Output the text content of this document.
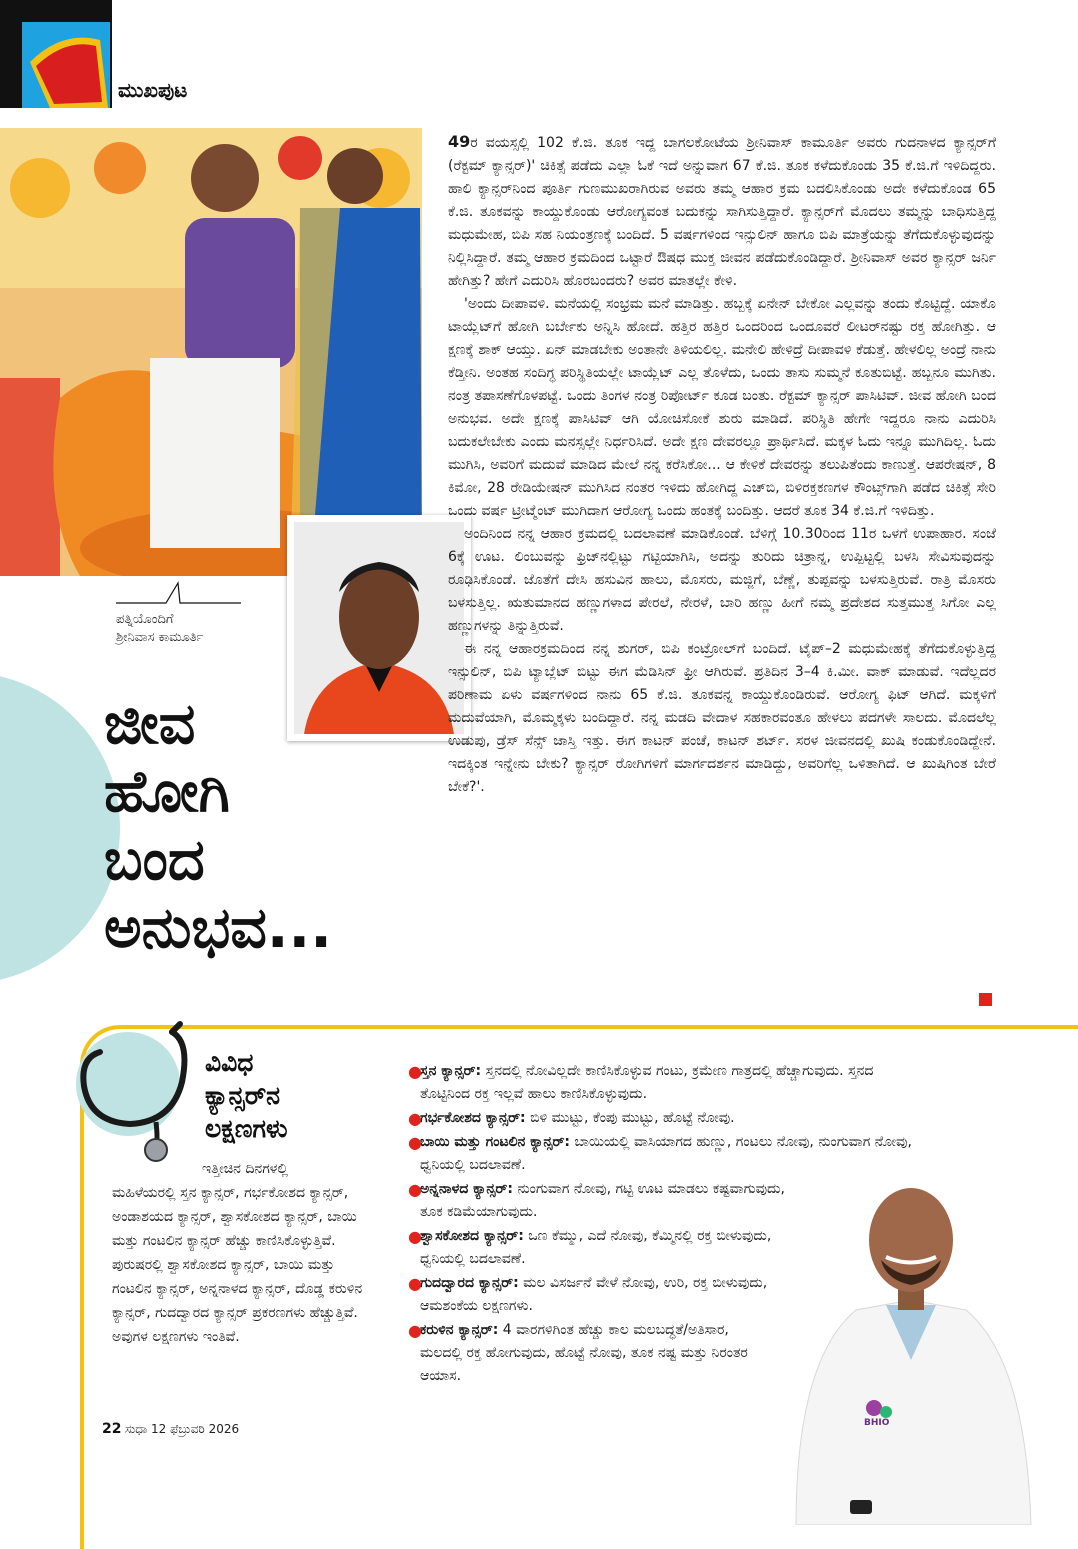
ಮುಖಪುಟ
ಪತ್ನಿಯೊಂದಿಗೆ
ಶ್ರೀನಿವಾಸ ಕಾಮೂರ್ತಿ
ಜೀವ
ಹೋಗಿ
ಬಂದ
ಅನುಭವ...

49ರ ವಯಸ್ಸಲ್ಲಿ 102 ಕೆ.ಜಿ. ತೂಕ ಇದ್ದ ಬಾಗಲಕೋಟೆಯ ಶ್ರೀನಿವಾಸ್ ಕಾಮೂರ್ತಿ ಅವರು ಗುದನಾಳದ ಕ್ಯಾನ್ಸರ್‌ಗೆ (ರೆಕ್ಟಮ್ ಕ್ಯಾನ್ಸರ್)' ಚಿಕಿತ್ಸೆ ಪಡೆದು ಎಲ್ಲಾ ಓಕೆ ಇದೆ ಅನ್ನುವಾಗ 67 ಕೆ.ಜಿ. ತೂಕ ಕಳೆದುಕೊಂಡು 35 ಕೆ.ಜಿ.ಗೆ ಇಳಿದಿದ್ದರು. ಹಾಲಿ ಕ್ಯಾನ್ಸರ್‌ನಿಂದ ಪೂರ್ತಿ ಗುಣಮುಖರಾಗಿರುವ ಅವರು ತಮ್ಮ ಆಹಾರ ಕ್ರಮ ಬದಲಿಸಿಕೊಂಡು ಅದೇ ಕಳೆದುಕೊಂಡ 65 ಕೆ.ಜಿ. ತೂಕವನ್ನು ಕಾಯ್ದುಕೊಂಡು ಆರೋಗ್ಯವಂತ ಬದುಕನ್ನು ಸಾಗಿಸುತ್ತಿದ್ದಾರೆ. ಕ್ಯಾನ್ಸರ್‌ಗೆ ಮೊದಲು ತಮ್ಮನ್ನು ಬಾಧಿಸುತ್ತಿದ್ದ ಮಧುಮೇಹ, ಬಿಪಿ ಸಹ ನಿಯಂತ್ರಣಕ್ಕೆ ಬಂದಿದೆ. 5 ವರ್ಷಗಳಿಂದ ಇನ್ಸುಲಿನ್ ಹಾಗೂ ಬಿಪಿ ಮಾತ್ರೆಯನ್ನು ತೆಗೆದುಕೊಳ್ಳುವುದನ್ನು ನಿಲ್ಲಿಸಿದ್ದಾರೆ. ತಮ್ಮ ಆಹಾರ ಕ್ರಮದಿಂದ ಒಟ್ಟಾರೆ ಔಷಧ ಮುಕ್ತ ಜೀವನ ಪಡೆದುಕೊಂಡಿದ್ದಾರೆ. ಶ್ರೀನಿವಾಸ್ ಅವರ ಕ್ಯಾನ್ಸರ್ ಜರ್ನಿ ಹೇಗಿತ್ತು? ಹೇಗೆ ಎದುರಿಸಿ ಹೊರಬಂದರು? ಅವರ ಮಾತಲ್ಲೇ ಕೇಳಿ.

'ಅಂದು ದೀಪಾವಳಿ. ಮನೆಯಲ್ಲಿ ಸಂಭ್ರಮ ಮನೆ ಮಾಡಿತ್ತು. ಹಬ್ಬಕ್ಕೆ ಏನೇನ್ ಬೇಕೋ ಎಲ್ಲವನ್ನು ತಂದು ಕೊಟ್ಟಿದ್ದೆ. ಯಾಕೊ ಟಾಯ್ಲೆಟ್‌ಗೆ ಹೋಗಿ ಬರ್ಬೇಕು ಅನ್ನಿಸಿ ಹೋದೆ. ಹತ್ತಿರ ಹತ್ತಿರ ಒಂದರಿಂದ ಒಂದೂವರೆ ಲೀಟರ್‌ನಷ್ಟು ರಕ್ತ ಹೋಗಿತ್ತು. ಆ ಕ್ಷಣಕ್ಕೆ ಶಾಕ್ ಆಯ್ತು. ಏನ್ ಮಾಡಬೇಕು ಅಂತಾನೇ ತಿಳಿಯಲಿಲ್ಲ. ಮನೇಲಿ ಹೇಳಿದ್ರೆ ದೀಪಾವಳಿ ಕೆಡುತ್ತೆ. ಹೇಳಲಿಲ್ಲ ಅಂದ್ರೆ ನಾನು ಕೆಡ್ತೀನಿ. ಅಂತಹ ಸಂದಿಗ್ಧ ಪರಿಸ್ಥಿತಿಯಲ್ಲೇ ಟಾಯ್ಲೆಟ್ ಎಲ್ಲ ತೊಳೆದು, ಒಂದು ತಾಸು ಸುಮ್ಮನೆ ಕೂತುಬಿಟ್ಟೆ. ಹಬ್ಬನೂ ಮುಗಿತು. ನಂತ್ರ ತಪಾಸಣೆಗೊಳಪಟ್ಟೆ. ಒಂದು ತಿಂಗಳ ನಂತ್ರ ರಿಪೋರ್ಟ್ ಕೂಡ ಬಂತು. ರೆಕ್ಟಮ್ ಕ್ಯಾನ್ಸರ್ ಪಾಸಿಟಿವ್. ಜೀವ ಹೋಗಿ ಬಂದ ಅನುಭವ. ಅದೇ ಕ್ಷಣಕ್ಕೆ ಪಾಸಿಟಿವ್ ಆಗಿ ಯೋಚಿಸೋಕೆ ಶುರು ಮಾಡಿದೆ. ಪರಿಸ್ಥಿತಿ ಹೇಗೇ ಇದ್ದರೂ ನಾನು ಎದುರಿಸಿ ಬದುಕಲೇಬೇಕು ಎಂದು ಮನಸ್ಸಲ್ಲೇ ನಿರ್ಧರಿಸಿದೆ. ಅದೇ ಕ್ಷಣ ದೇವರಲ್ಲೂ ಪ್ರಾರ್ಥಿಸಿದೆ. ಮಕ್ಕಳ ಓದು ಇನ್ನೂ ಮುಗಿದಿಲ್ಲ. ಓದು ಮುಗಿಸಿ, ಅವರಿಗೆ ಮದುವೆ ಮಾಡಿದ ಮೇಲೆ ನನ್ನ ಕರೆಸಿಕೋ... ಆ ಕೇಳಿಕೆ ದೇವರನ್ನು ತಲುಪಿತೆಂದು ಕಾಣುತ್ತೆ. ಆಪರೇಷನ್, 8 ಕಿಮೋ, 28 ರೇಡಿಯೇಷನ್ ಮುಗಿಸಿದ ನಂತರ ಇಳಿದು ಹೋಗಿದ್ದ ಎಚ್‌ಬಿ, ಬಿಳಿರಕ್ತಕಣಗಳ ಕೌಂಟ್ಸ್‌ಗಾಗಿ ಪಡೆದ ಚಿಕಿತ್ಸೆ ಸೇರಿ ಒಂದು ವರ್ಷ ಟ್ರೀಟ್ಮೆಂಟ್ ಮುಗಿದಾಗ ಆರೋಗ್ಯ ಒಂದು ಹಂತಕ್ಕೆ ಬಂದಿತ್ತು. ಆದರೆ ತೂಕ 34 ಕೆ.ಜಿ.ಗೆ ಇಳಿದಿತ್ತು.

ಅಂದಿನಿಂದ ನನ್ನ ಆಹಾರ ಕ್ರಮದಲ್ಲಿ ಬದಲಾವಣೆ ಮಾಡಿಕೊಂಡೆ. ಬೆಳಿಗ್ಗೆ 10.30ರಿಂದ 11ರ ಒಳಗೆ ಉಪಾಹಾರ. ಸಂಜೆ 6ಕ್ಕೆ ಊಟ. ಲಿಂಬುವನ್ನು ಫ್ರಿಜ್‌ನಲ್ಲಿಟ್ಟು ಗಟ್ಟಿಯಾಗಿಸಿ, ಅದನ್ನು ತುರಿದು ಚಿತ್ರಾನ್ನ, ಉಪ್ಪಿಟ್ಟಲ್ಲಿ ಬಳಸಿ ಸೇವಿಸುವುದನ್ನು ರೂಢಿಸಿಕೊಂಡೆ. ಜೊತೆಗೆ ದೇಸಿ ಹಸುವಿನ ಹಾಲು, ಮೊಸರು, ಮಜ್ಜಿಗೆ, ಬೆಣ್ಣೆ, ತುಪ್ಪವನ್ನು ಬಳಸುತ್ತಿರುವೆ. ರಾತ್ರಿ ಮೊಸರು ಬಳಸುತ್ತಿಲ್ಲ. ಋತುಮಾನದ ಹಣ್ಣುಗಳಾದ ಪೇರಲೆ, ನೇರಳೆ, ಬಾರಿ ಹಣ್ಣು ಹೀಗೆ ನಮ್ಮ ಪ್ರದೇಶದ ಸುತ್ತಮುತ್ತ ಸಿಗೋ ಎಲ್ಲ ಹಣ್ಣುಗಳನ್ನು ತಿನ್ನುತ್ತಿರುವೆ.

ಈ ನನ್ನ ಆಹಾರಕ್ರಮದಿಂದ ನನ್ನ ಶುಗರ್, ಬಿಪಿ ಕಂಟ್ರೋಲ್‌ಗೆ ಬಂದಿದೆ. ಟೈಪ್–2 ಮಧುಮೇಹಕ್ಕೆ ತೆಗೆದುಕೊಳ್ಳುತ್ತಿದ್ದ ಇನ್ಸುಲಿನ್, ಬಿಪಿ ಟ್ಯಾಬ್ಲೆಟ್ ಬಿಟ್ಟು ಈಗ ಮೆಡಿಸಿನ್ ಫ್ರೀ ಆಗಿರುವೆ. ಪ್ರತಿದಿನ 3–4 ಕಿ.ಮೀ. ವಾಕ್ ಮಾಡುವೆ. ಇದೆಲ್ಲದರ ಪರಿಣಾಮ ಏಳು ವರ್ಷಗಳಿಂದ ನಾನು 65 ಕೆ.ಜಿ. ತೂಕವನ್ನ ಕಾಯ್ದುಕೊಂಡಿರುವೆ. ಆರೋಗ್ಯ ಫಿಟ್ ಆಗಿದೆ. ಮಕ್ಕಳಿಗೆ ಮದುವೆಯಾಗಿ, ಮೊಮ್ಮಕ್ಕಳು ಬಂದಿದ್ದಾರೆ. ನನ್ನ ಮಡದಿ ವೇದಾಳ ಸಹಕಾರವಂತೂ ಹೇಳಲು ಪದಗಳೇ ಸಾಲದು. ಮೊದಲೆಲ್ಲ ಉಡುಪು, ಡ್ರೆಸ್ ಸೆನ್ಸ್ ಜಾಸ್ತಿ ಇತ್ತು. ಈಗ ಕಾಟನ್ ಪಂಚೆ, ಕಾಟನ್ ಶರ್ಟ್. ಸರಳ ಜೀವನದಲ್ಲಿ ಖುಷಿ ಕಂಡುಕೊಂಡಿದ್ದೇನೆ. ಇದಕ್ಕಿಂತ ಇನ್ನೇನು ಬೇಕು? ಕ್ಯಾನ್ಸರ್ ರೋಗಿಗಳಿಗೆ ಮಾರ್ಗದರ್ಶನ ಮಾಡಿದ್ದು, ಅವರಿಗೆಲ್ಲ ಒಳಿತಾಗಿದೆ. ಆ ಖುಷಿಗಿಂತ ಬೇರೆ ಬೇಕೆ?'.

ವಿವಿಧ
ಕ್ಯಾನ್ಸರ್‌ನ
ಲಕ್ಷಣಗಳು
ಇತ್ತೀಚಿನ ದಿನಗಳಲ್ಲಿ
ಮಹಿಳೆಯರಲ್ಲಿ ಸ್ತನ ಕ್ಯಾನ್ಸರ್, ಗರ್ಭಕೋಶದ ಕ್ಯಾನ್ಸರ್, ಅಂಡಾಶಯದ ಕ್ಯಾನ್ಸರ್, ಶ್ವಾಸಕೋಶದ ಕ್ಯಾನ್ಸರ್, ಬಾಯಿ ಮತ್ತು ಗಂಟಲಿನ ಕ್ಯಾನ್ಸರ್ ಹೆಚ್ಚು ಕಾಣಿಸಿಕೊಳ್ಳುತ್ತಿವೆ. ಪುರುಷರಲ್ಲಿ ಶ್ವಾಸಕೋಶದ ಕ್ಯಾನ್ಸರ್, ಬಾಯಿ ಮತ್ತು ಗಂಟಲಿನ ಕ್ಯಾನ್ಸರ್, ಅನ್ನನಾಳದ ಕ್ಯಾನ್ಸರ್, ದೊಡ್ಡ ಕರುಳಿನ ಕ್ಯಾನ್ಸರ್, ಗುದದ್ವಾರದ ಕ್ಯಾನ್ಸರ್ ಪ್ರಕರಣಗಳು ಹೆಚ್ಚುತ್ತಿವೆ. ಅವುಗಳ ಲಕ್ಷಣಗಳು ಇಂತಿವೆ.
●
ಸ್ತನ ಕ್ಯಾನ್ಸರ್: ಸ್ತನದಲ್ಲಿ ನೋವಿಲ್ಲದೇ ಕಾಣಿಸಿಕೊಳ್ಳುವ ಗಂಟು, ಕ್ರಮೇಣ ಗಾತ್ರದಲ್ಲಿ ಹೆಚ್ಚಾಗುವುದು. ಸ್ತನದ ತೊಟ್ಟಿನಿಂದ ರಕ್ತ ಇಲ್ಲವೆ ಹಾಲು ಕಾಣಿಸಿಕೊಳ್ಳುವುದು.
●
ಗರ್ಭಕೋಶದ ಕ್ಯಾನ್ಸರ್: ಬಿಳಿ ಮುಟ್ಟು, ಕೆಂಪು ಮುಟ್ಟು, ಹೊಟ್ಟೆ ನೋವು.
●
ಬಾಯಿ ಮತ್ತು ಗಂಟಲಿನ ಕ್ಯಾನ್ಸರ್: ಬಾಯಿಯಲ್ಲಿ ವಾಸಿಯಾಗದ ಹುಣ್ಣು, ಗಂಟಲು ನೋವು, ನುಂಗುವಾಗ ನೋವು, ಧ್ವನಿಯಲ್ಲಿ ಬದಲಾವಣೆ.
●
ಅನ್ನನಾಳದ ಕ್ಯಾನ್ಸರ್: ನುಂಗುವಾಗ ನೋವು, ಗಟ್ಟಿ ಊಟ ಮಾಡಲು ಕಷ್ಟವಾಗುವುದು, ತೂಕ ಕಡಿಮೆಯಾಗುವುದು.
●
ಶ್ವಾಸಕೋಶದ ಕ್ಯಾನ್ಸರ್: ಒಣ ಕೆಮ್ಮು, ಎದೆ ನೋವು, ಕೆಮ್ಮಿನಲ್ಲಿ ರಕ್ತ ಬೀಳುವುದು, ಧ್ವನಿಯಲ್ಲಿ ಬದಲಾವಣೆ.
●
ಗುದದ್ವಾರದ ಕ್ಯಾನ್ಸರ್: ಮಲ ವಿಸರ್ಜನೆ ವೇಳೆ ನೋವು, ಉರಿ, ರಕ್ತ ಬೀಳುವುದು, ಆಮಶಂಕೆಯ ಲಕ್ಷಣಗಳು.
●
ಕರುಳಿನ ಕ್ಯಾನ್ಸರ್: 4 ವಾರಗಳಿಗಿಂತ ಹೆಚ್ಚು ಕಾಲ ಮಲಬದ್ಧತೆ/ಅತಿಸಾರ, ಮಲದಲ್ಲಿ ರಕ್ತ ಹೋಗುವುದು, ಹೊಟ್ಟೆ ನೋವು, ತೂಕ ನಷ್ಟ ಮತ್ತು ನಿರಂತರ ಆಯಾಸ.
BHIO
22 ಸುಧಾ 12 ಫೆಬ್ರುವರಿ 2026
